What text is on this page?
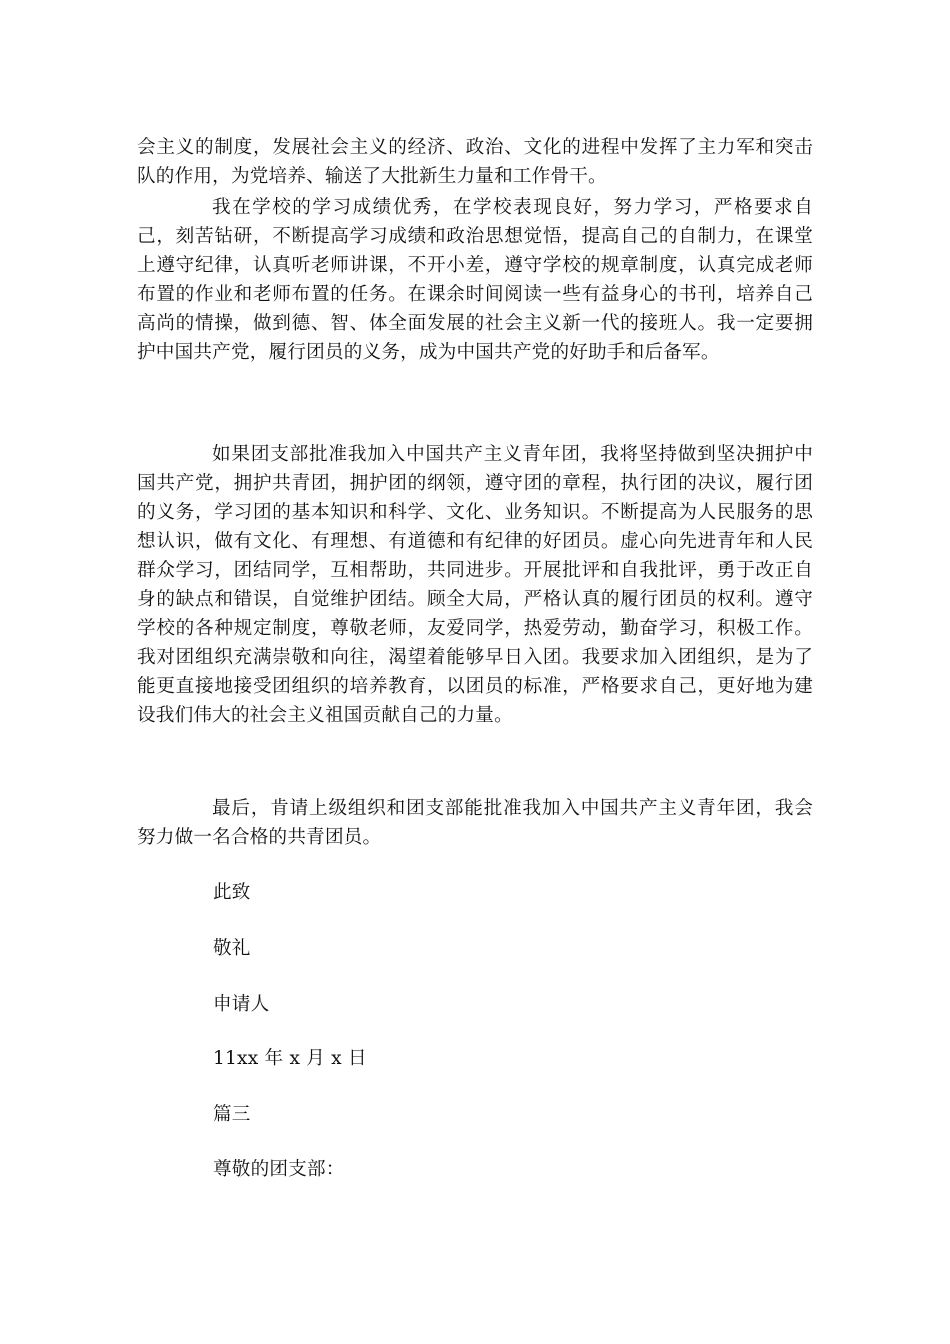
会主义的制度，发展社会主义的经济、政治、文化的进程中发挥了主力军和突击队的作用，为党培养、输送了大批新生力量和工作骨干。

我在学校的学习成绩优秀，在学校表现良好，努力学习，严格要求自己，刻苦钻研，不断提高学习成绩和政治思想觉悟，提高自己的自制力，在课堂上遵守纪律，认真听老师讲课，不开小差，遵守学校的规章制度，认真完成老师布置的作业和老师布置的任务。在课余时间阅读一些有益身心的书刊，培养自己高尚的情操，做到德、智、体全面发展的社会主义新一代的接班人。我一定要拥护中国共产党，履行团员的义务，成为中国共产党的好助手和后备军。

如果团支部批准我加入中国共产主义青年团，我将坚持做到坚决拥护中国共产党，拥护共青团，拥护团的纲领，遵守团的章程，执行团的决议，履行团的义务，学习团的基本知识和科学、文化、业务知识。不断提高为人民服务的思想认识，做有文化、有理想、有道德和有纪律的好团员。虚心向先进青年和人民群众学习，团结同学，互相帮助，共同进步。开展批评和自我批评，勇于改正自身的缺点和错误，自觉维护团结。顾全大局，严格认真的履行团员的权利。遵守学校的各种规定制度，尊敬老师，友爱同学，热爱劳动，勤奋学习，积极工作。我对团组织充满崇敬和向往，渴望着能够早日入团。我要求加入团组织，是为了能更直接地接受团组织的培养教育，以团员的标准，严格要求自己，更好地为建设我们伟大的社会主义祖国贡献自己的力量。

最后，肯请上级组织和团支部能批准我加入中国共产主义青年团，我会努力做一名合格的共青团员。

此致

敬礼

申请人

11xx 年 x 月 x 日

篇三

尊敬的团支部：
